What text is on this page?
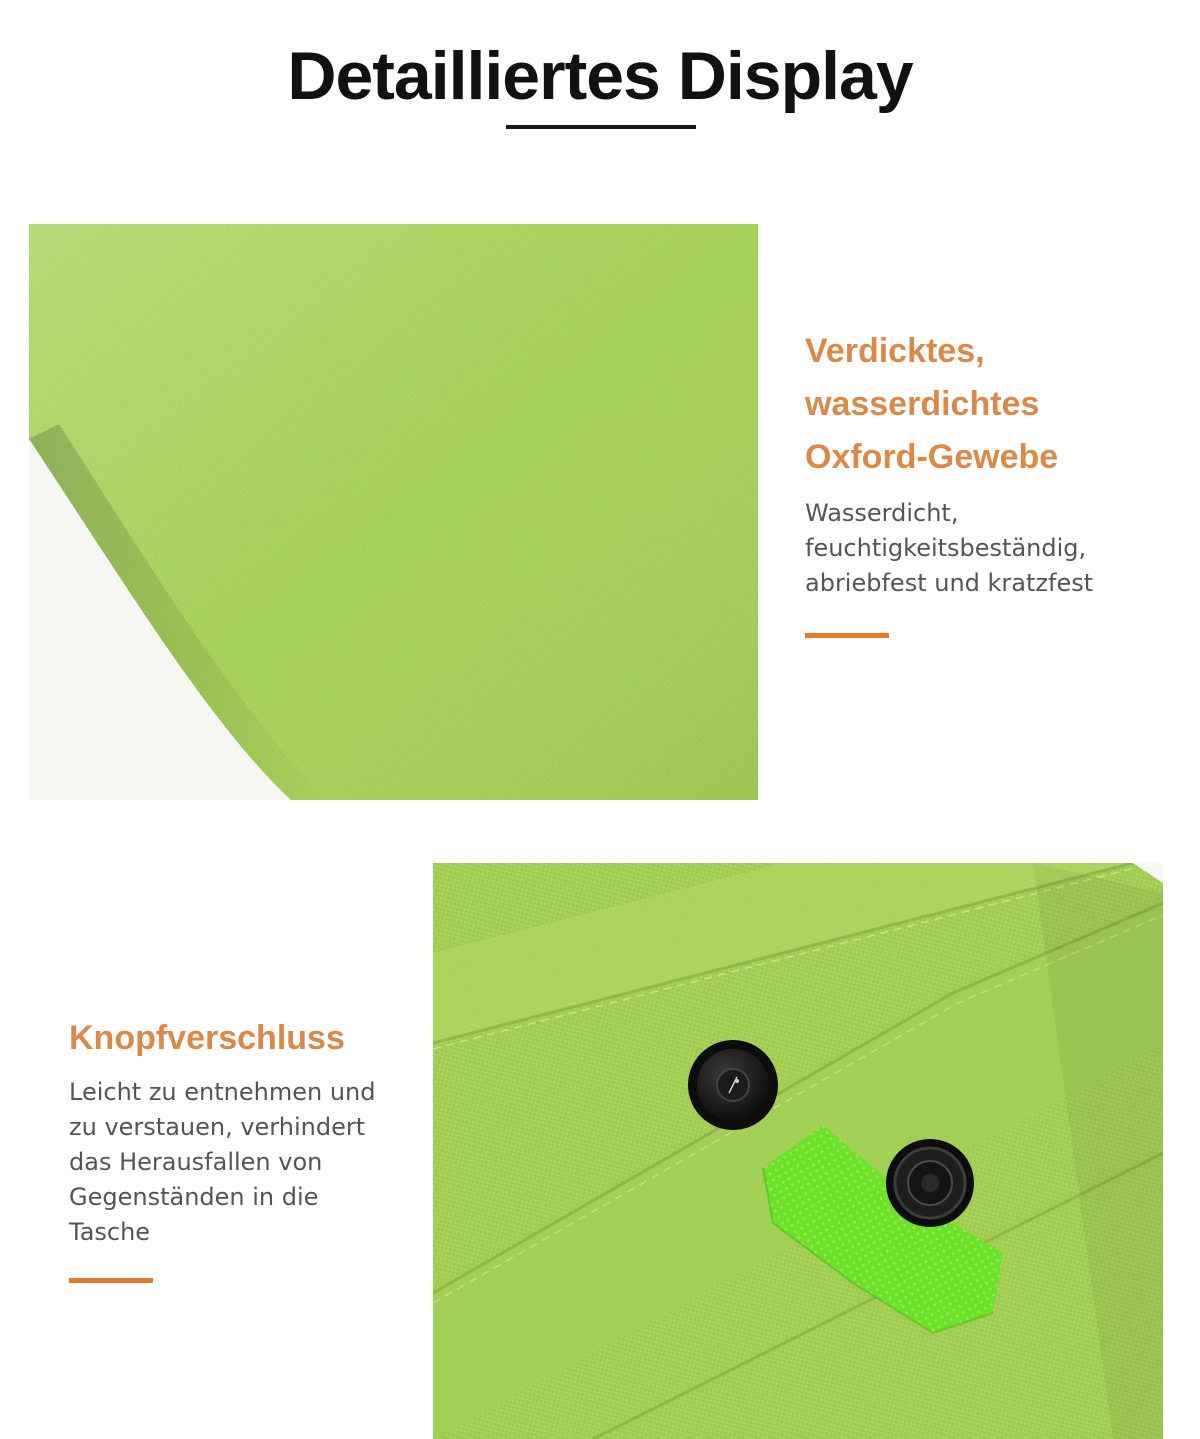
Detailliertes Display
Verdicktes,
wasserdichtes
Oxford-Gewebe

Wasserdicht,
feuchtigkeitsbeständig,
abriebfest und kratzfest

Knopfverschluss

Leicht zu entnehmen und
zu verstauen, verhindert
das Herausfallen von
Gegenständen in die
Tasche
